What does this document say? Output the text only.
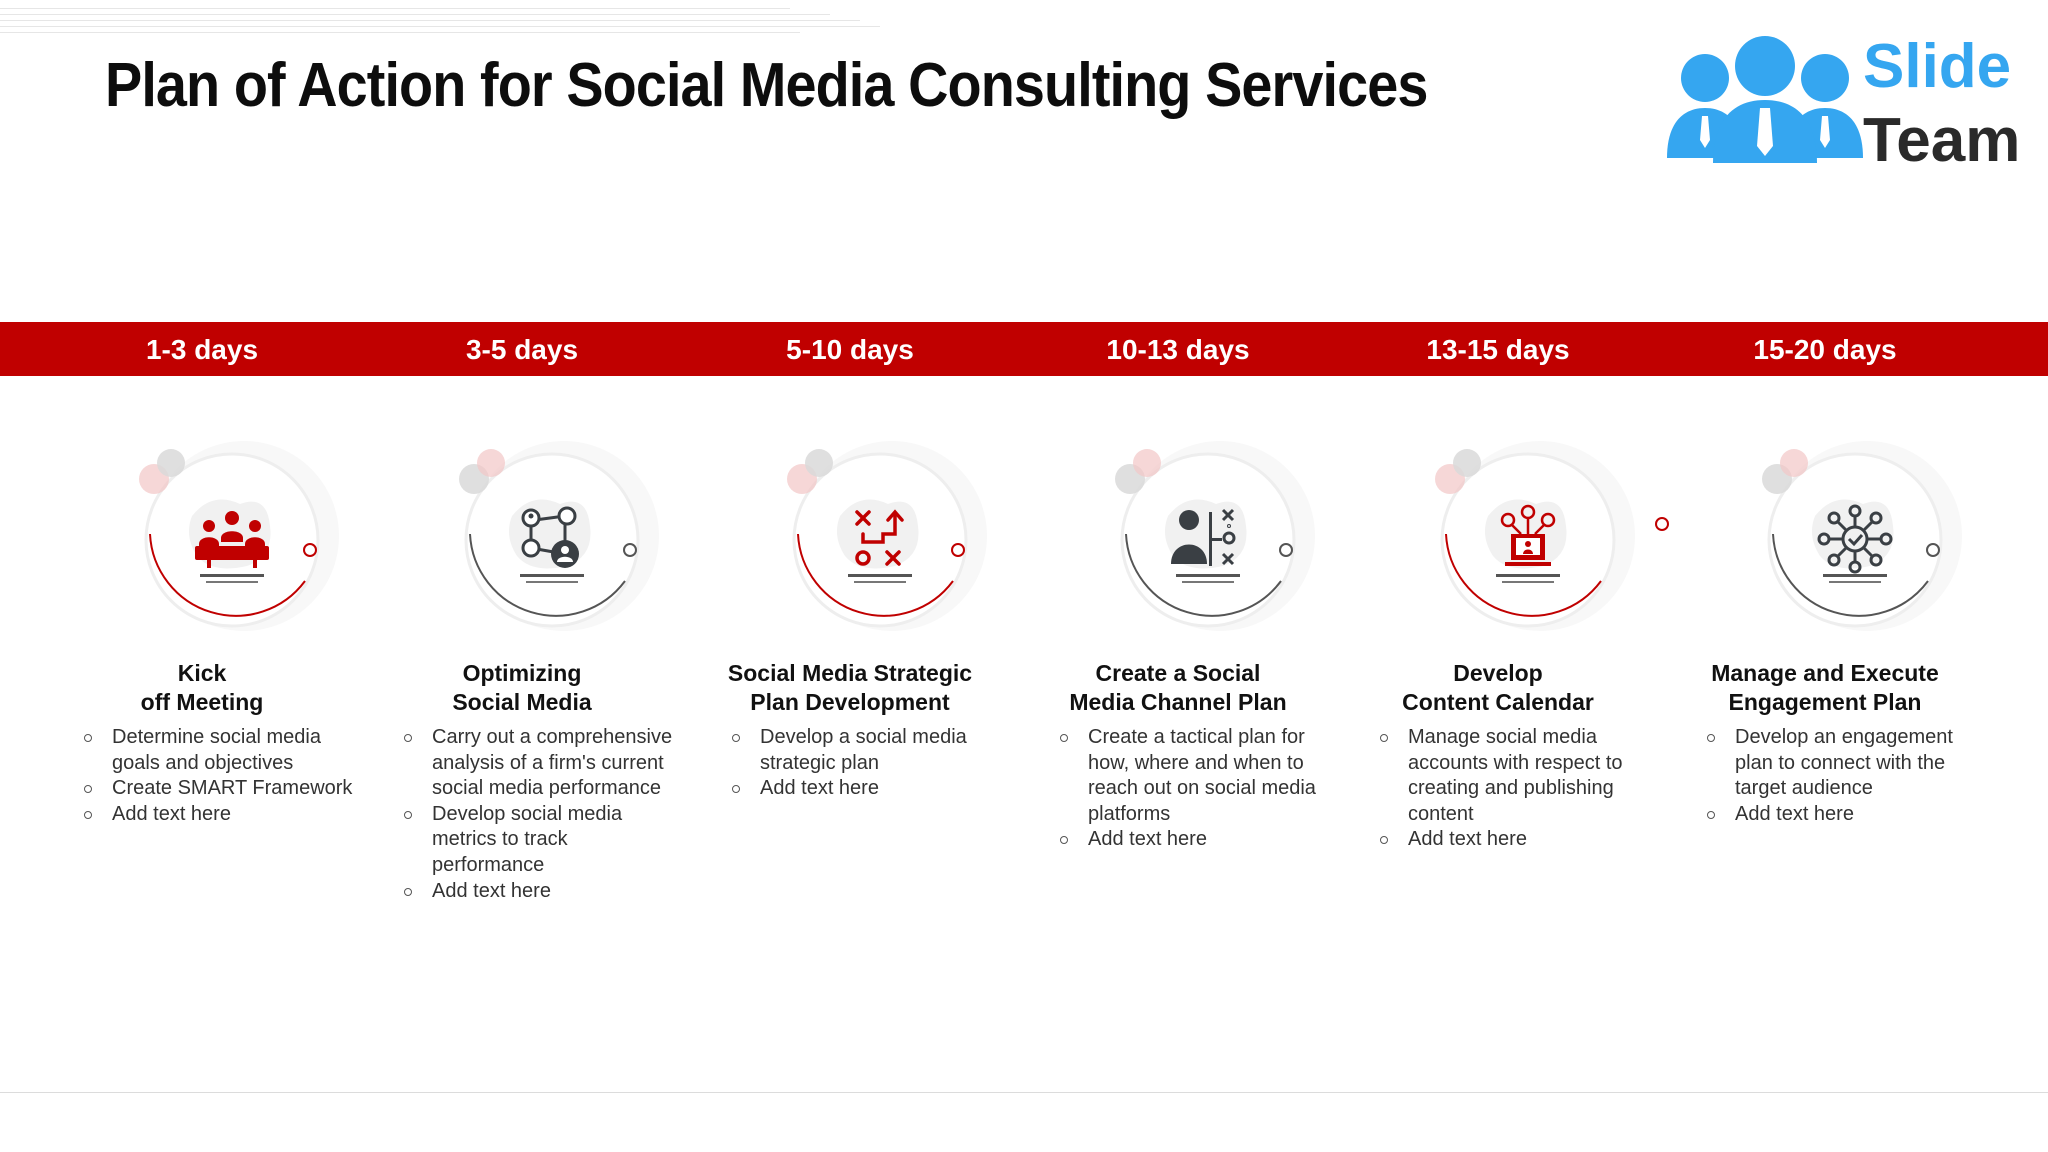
Plan of Action for Social Media Consulting Services	Slide
Team
1-3 days	3-5 days	5-10 days	10-13 days	13-15 days	15-20 days
Kick
off Meeting
Determine social media goals and objectives
Create SMART Framework
Add text here
Optimizing
Social Media
Carry out a comprehensive analysis of a firm's current social media performance
Develop social media metrics to track performance
Add text here
Social Media Strategic
Plan Development
Develop a social media strategic plan
Add text here
Create a Social
Media Channel Plan
Create a tactical plan for how, where and when to reach out on social media platforms
Add text here
Develop
Content Calendar
Manage social media accounts with respect to creating and publishing content
Add text here
Manage and Execute
Engagement Plan
Develop an engagement plan to connect with the target audience
Add text here
